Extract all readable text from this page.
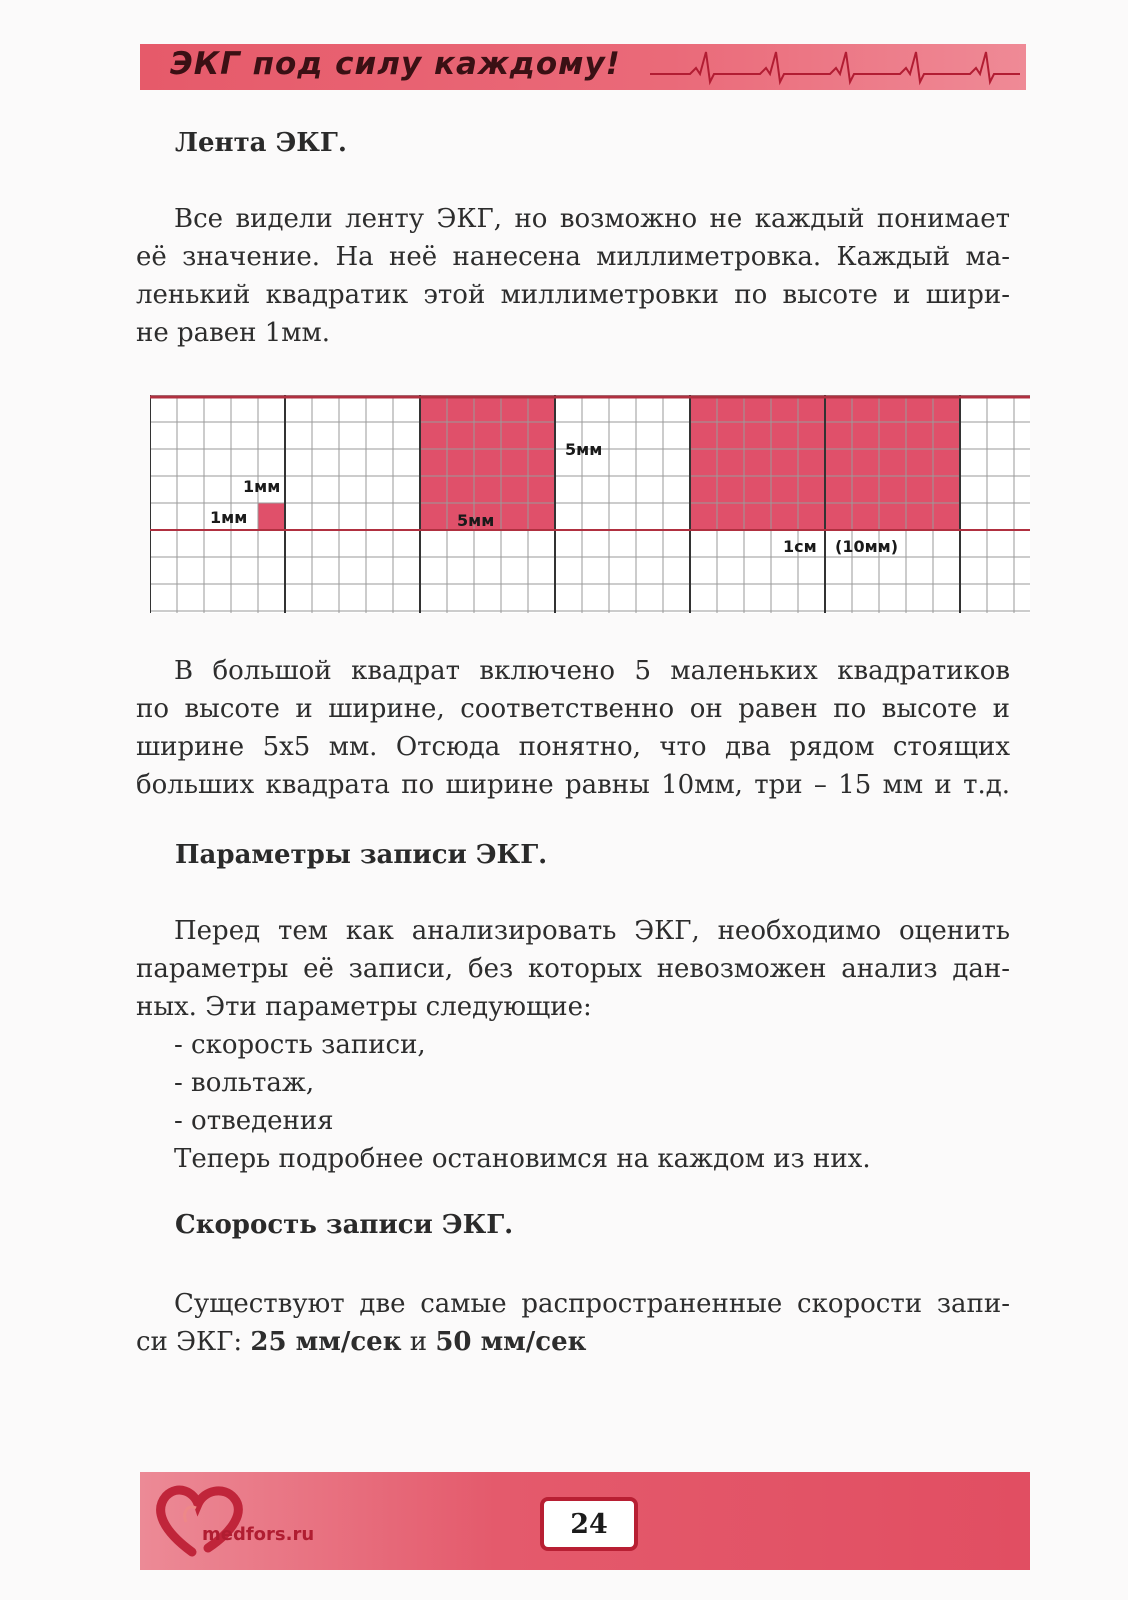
ЭКГ под силу каждому!
Лента ЭКГ.
Все видели ленту ЭКГ, но возможно не каждый понимает
её значение. На неё нанесена миллиметровка. Каждый ма-
ленький квадратик этой миллиметровки по высоте и шири-
не равен 1мм.
1мм
1мм
5мм
5мм
1см (10мм)
В большой квадрат включено 5 маленьких квадратиков
по высоте и ширине, соответственно он равен по высоте и
ширине 5х5 мм. Отсюда понятно, что два рядом стоящих
больших квадрата по ширине равны 10мм, три – 15 мм и т.д.
Параметры записи ЭКГ.
Перед тем как анализировать ЭКГ, необходимо оценить
параметры её записи, без которых невозможен анализ дан-
ных. Эти параметры следующие:
- скорость записи,
- вольтаж,
- отведения
Теперь подробнее остановимся на каждом из них.
Скорость записи ЭКГ.
Существуют две самые распространенные скорости запи-
си ЭКГ: 25 мм/сек и 50 мм/сек
medfors.ru	24
